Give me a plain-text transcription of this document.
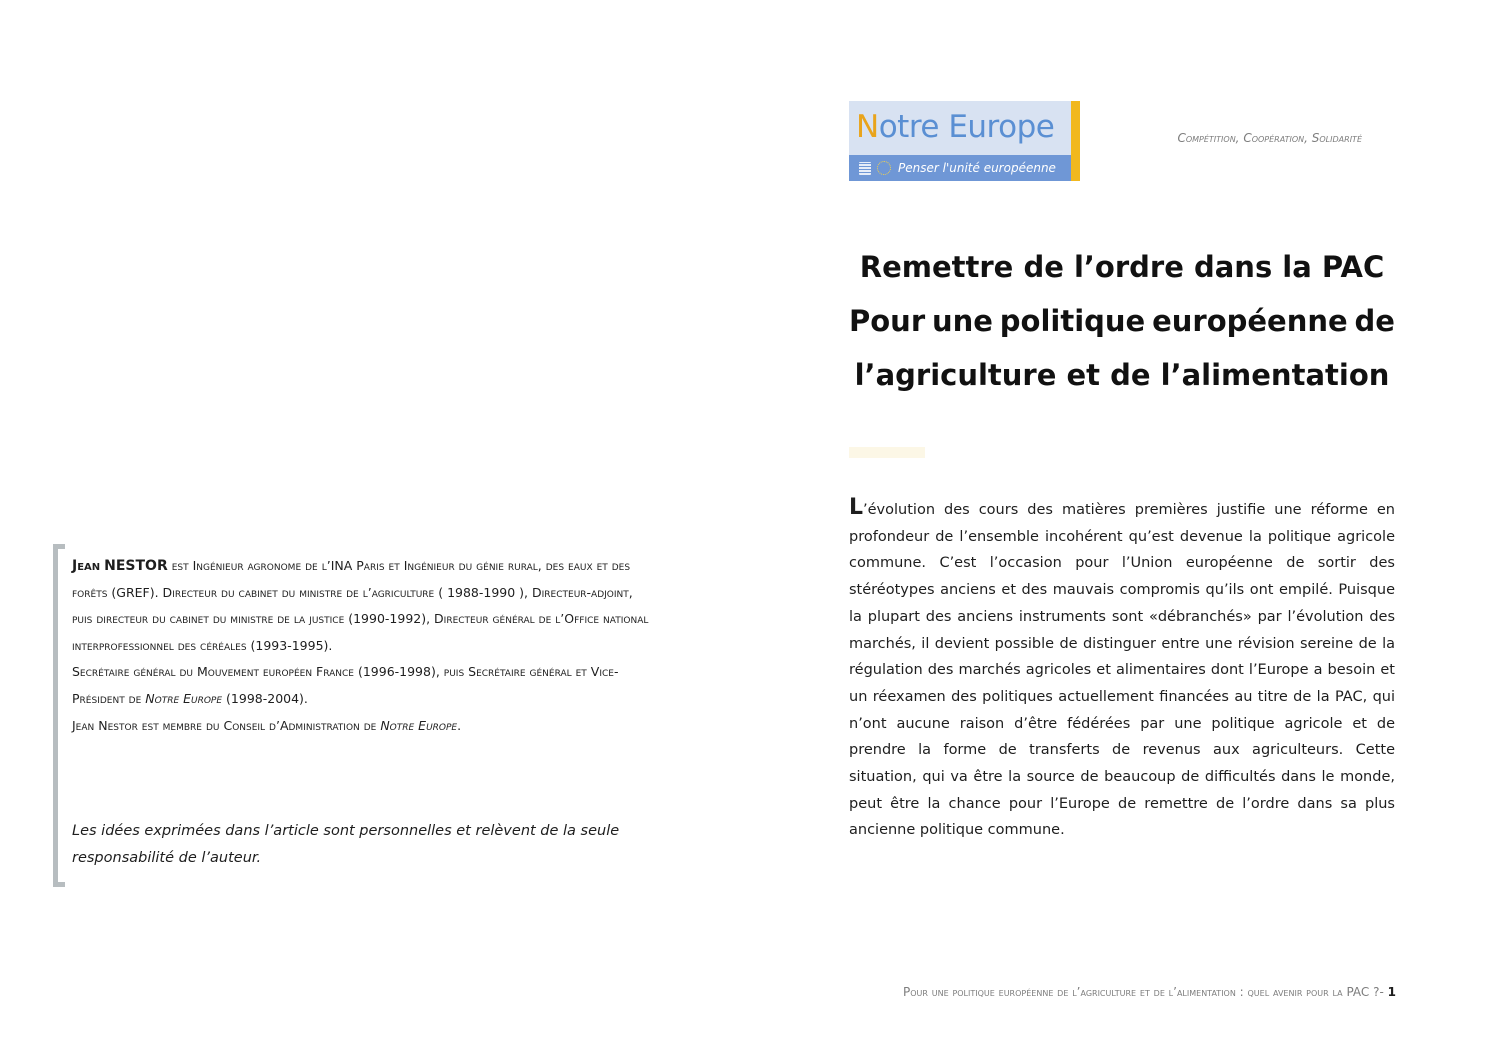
Notre Europe
Penser l'unité européenne
Compétition, Coopération, Solidarité
Remettre de l’ordre dans la PAC
Pour une politique européenne de
l’agriculture et de l’alimentation
L’évolution des cours des matières premières justifie une réforme en profondeur de l’ensemble incohérent qu’est devenue la politique agricole commune. C’est l’occasion pour l’Union européenne de sortir des stéréotypes anciens et des mauvais compromis qu’ils ont empilé. Puisque la plupart des anciens instruments sont «débranchés» par l’évolution des marchés, il devient possible de distinguer entre une révision sereine de la régulation des marchés agricoles et alimentaires dont l’Europe a besoin et un réexamen des politiques actuellement financées au titre de la PAC, qui n’ont aucune raison d’être fédérées par une politique agricole et de prendre la forme de transferts de revenus aux agriculteurs. Cette situation, qui va être la source de beaucoup de difficultés dans le monde, peut être la chance pour l’Europe de remettre de l’ordre dans sa plus ancienne politique commune.

Jean NESTOR est Ingénieur agronome de l’INA Paris et Ingénieur du génie rural, des eaux et des forêts (GREF). Directeur du cabinet du ministre de l’agriculture ( 1988-1990 ), Directeur-adjoint, puis directeur du cabinet du ministre de la justice (1990-1992), Directeur général de l’Office national interprofessionnel des céréales (1993-1995).

Secrétaire général du Mouvement européen France (1996-1998), puis Secrétaire général et Vice-Président de Notre Europe (1998-2004).

Jean Nestor est membre du Conseil d’Administration de Notre Europe.

Les idées exprimées dans l’article sont personnelles et relèvent de la seule responsabilité de l’auteur.
Pour une politique européenne de l’agriculture et de l’alimentation : quel avenir pour la PAC ?- 1
